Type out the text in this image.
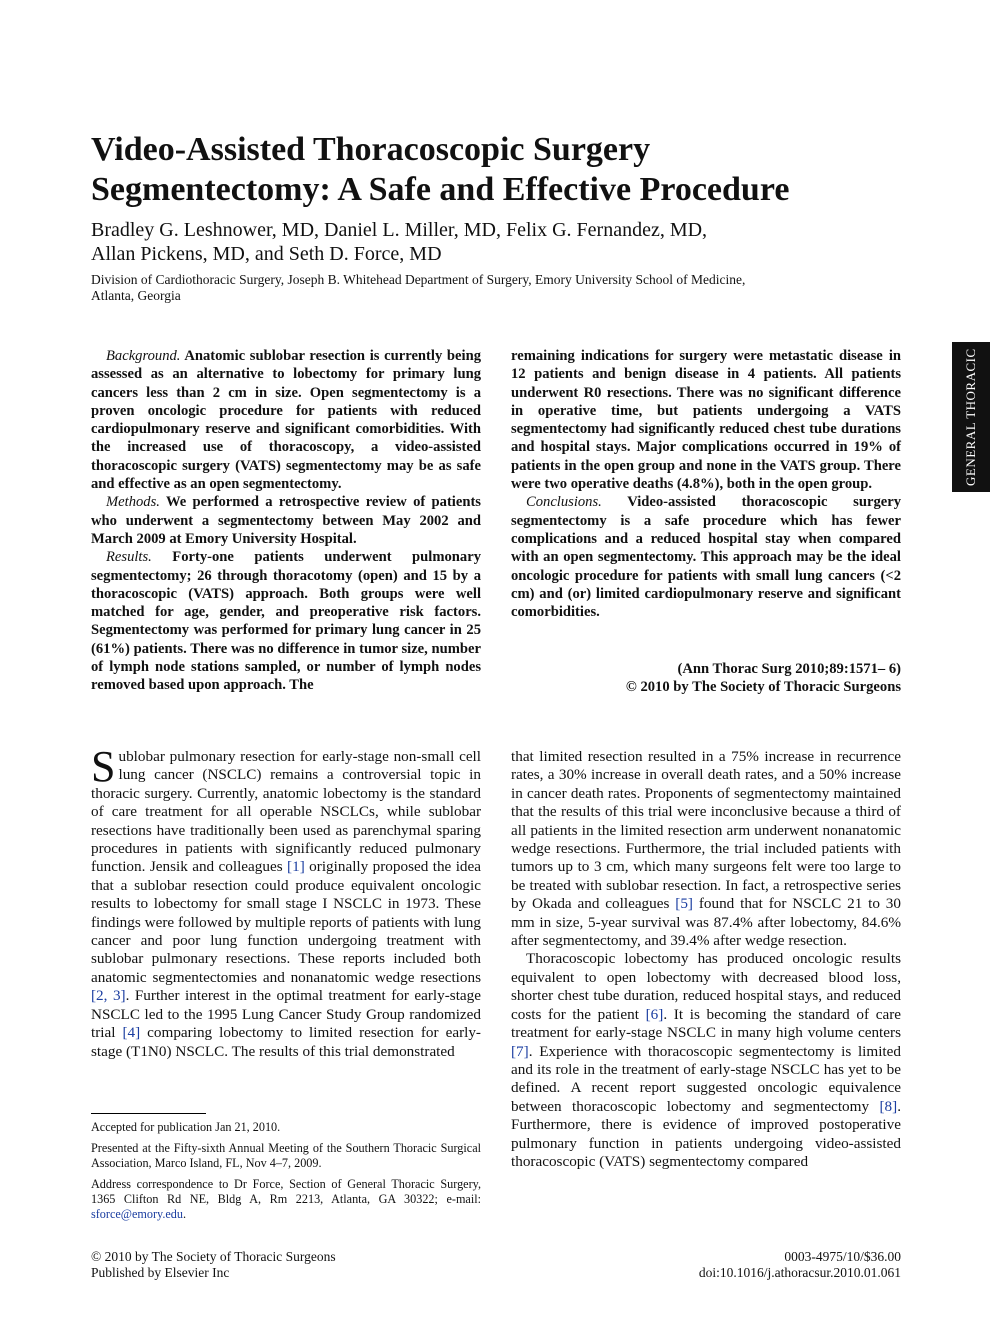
Video-Assisted Thoracoscopic Surgery
Segmentectomy: A Safe and Effective Procedure
Bradley G. Leshnower, MD, Daniel L. Miller, MD, Felix G. Fernandez, MD,
Allan Pickens, MD, and Seth D. Force, MD
Division of Cardiothoracic Surgery, Joseph B. Whitehead Department of Surgery, Emory University School of Medicine,
Atlanta, Georgia
GENERAL THORACIC

Background. Anatomic sublobar resection is currently being assessed as an alternative to lobectomy for primary lung cancers less than 2 cm in size. Open segmentectomy is a proven oncologic procedure for patients with reduced cardiopulmonary reserve and significant comorbidities. With the increased use of thoracoscopy, a video-assisted thoracoscopic surgery (VATS) segmentectomy may be as safe and effective as an open segmentectomy.

Methods. We performed a retrospective review of patients who underwent a segmentectomy between May 2002 and March 2009 at Emory University Hospital.

Results. Forty-one patients underwent pulmonary segmentectomy; 26 through thoracotomy (open) and 15 by a thoracoscopic (VATS) approach. Both groups were well matched for age, gender, and preoperative risk factors. Segmentectomy was performed for primary lung cancer in 25 (61%) patients. There was no difference in tumor size, number of lymph node stations sampled, or number of lymph nodes removed based upon approach. The

remaining indications for surgery were metastatic disease in 12 patients and benign disease in 4 patients. All patients underwent R0 resections. There was no significant difference in operative time, but patients undergoing a VATS segmentectomy had significantly reduced chest tube durations and hospital stays. Major complications occurred in 19% of patients in the open group and none in the VATS group. There were two operative deaths (4.8%), both in the open group.

Conclusions. Video-assisted thoracoscopic surgery segmentectomy is a safe procedure which has fewer complications and a reduced hospital stay when compared with an open segmentectomy. This approach may be the ideal oncologic procedure for patients with small lung cancers (<2 cm) and (or) limited cardiopulmonary reserve and significant comorbidities.

(Ann Thorac Surg 2010;89:1571– 6)
© 2010 by The Society of Thoracic Surgeons

Sublobar pulmonary resection for early-stage non-small cell lung cancer (NSCLC) remains a controversial topic in thoracic surgery. Currently, anatomic lobectomy is the standard of care treatment for all operable NSCLCs, while sublobar resections have traditionally been used as parenchymal sparing procedures in patients with significantly reduced pulmonary function. Jensik and colleagues [1] originally proposed the idea that a sublobar resection could produce equivalent oncologic results to lobectomy for small stage I NSCLC in 1973. These findings were followed by multiple reports of patients with lung cancer and poor lung function undergoing treatment with sublobar pulmonary resections. These reports included both anatomic segmentectomies and nonanatomic wedge resections [2, 3]. Further interest in the optimal treatment for early-stage NSCLC led to the 1995 Lung Cancer Study Group randomized trial [4] comparing lobectomy to limited resection for early-stage (T1N0) NSCLC. The results of this trial demonstrated

that limited resection resulted in a 75% increase in recurrence rates, a 30% increase in overall death rates, and a 50% increase in cancer death rates. Proponents of segmentectomy maintained that the results of this trial were inconclusive because a third of all patients in the limited resection arm underwent nonanatomic wedge resections. Furthermore, the trial included patients with tumors up to 3 cm, which many surgeons felt were too large to be treated with sublobar resection. In fact, a retrospective series by Okada and colleagues [5] found that for NSCLC 21 to 30 mm in size, 5-year survival was 87.4% after lobectomy, 84.6% after segmentectomy, and 39.4% after wedge resection.

Thoracoscopic lobectomy has produced oncologic results equivalent to open lobectomy with decreased blood loss, shorter chest tube duration, reduced hospital stays, and reduced costs for the patient [6]. It is becoming the standard of care treatment for early-stage NSCLC in many high volume centers [7]. Experience with thoracoscopic segmentectomy is limited and its role in the treatment of early-stage NSCLC has yet to be defined. A recent report suggested oncologic equivalence between thoracoscopic lobectomy and segmentectomy [8]. Furthermore, there is evidence of improved postoperative pulmonary function in patients undergoing video-assisted thoracoscopic (VATS) segmentectomy compared

Accepted for publication Jan 21, 2010.

Presented at the Fifty-sixth Annual Meeting of the Southern Thoracic Surgical Association, Marco Island, FL, Nov 4–7, 2009.

Address correspondence to Dr Force, Section of General Thoracic Surgery, 1365 Clifton Rd NE, Bldg A, Rm 2213, Atlanta, GA 30322; e-mail: sforce@emory.edu.

© 2010 by The Society of Thoracic Surgeons
Published by Elsevier Inc
0003-4975/10/$36.00
doi:10.1016/j.athoracsur.2010.01.061
